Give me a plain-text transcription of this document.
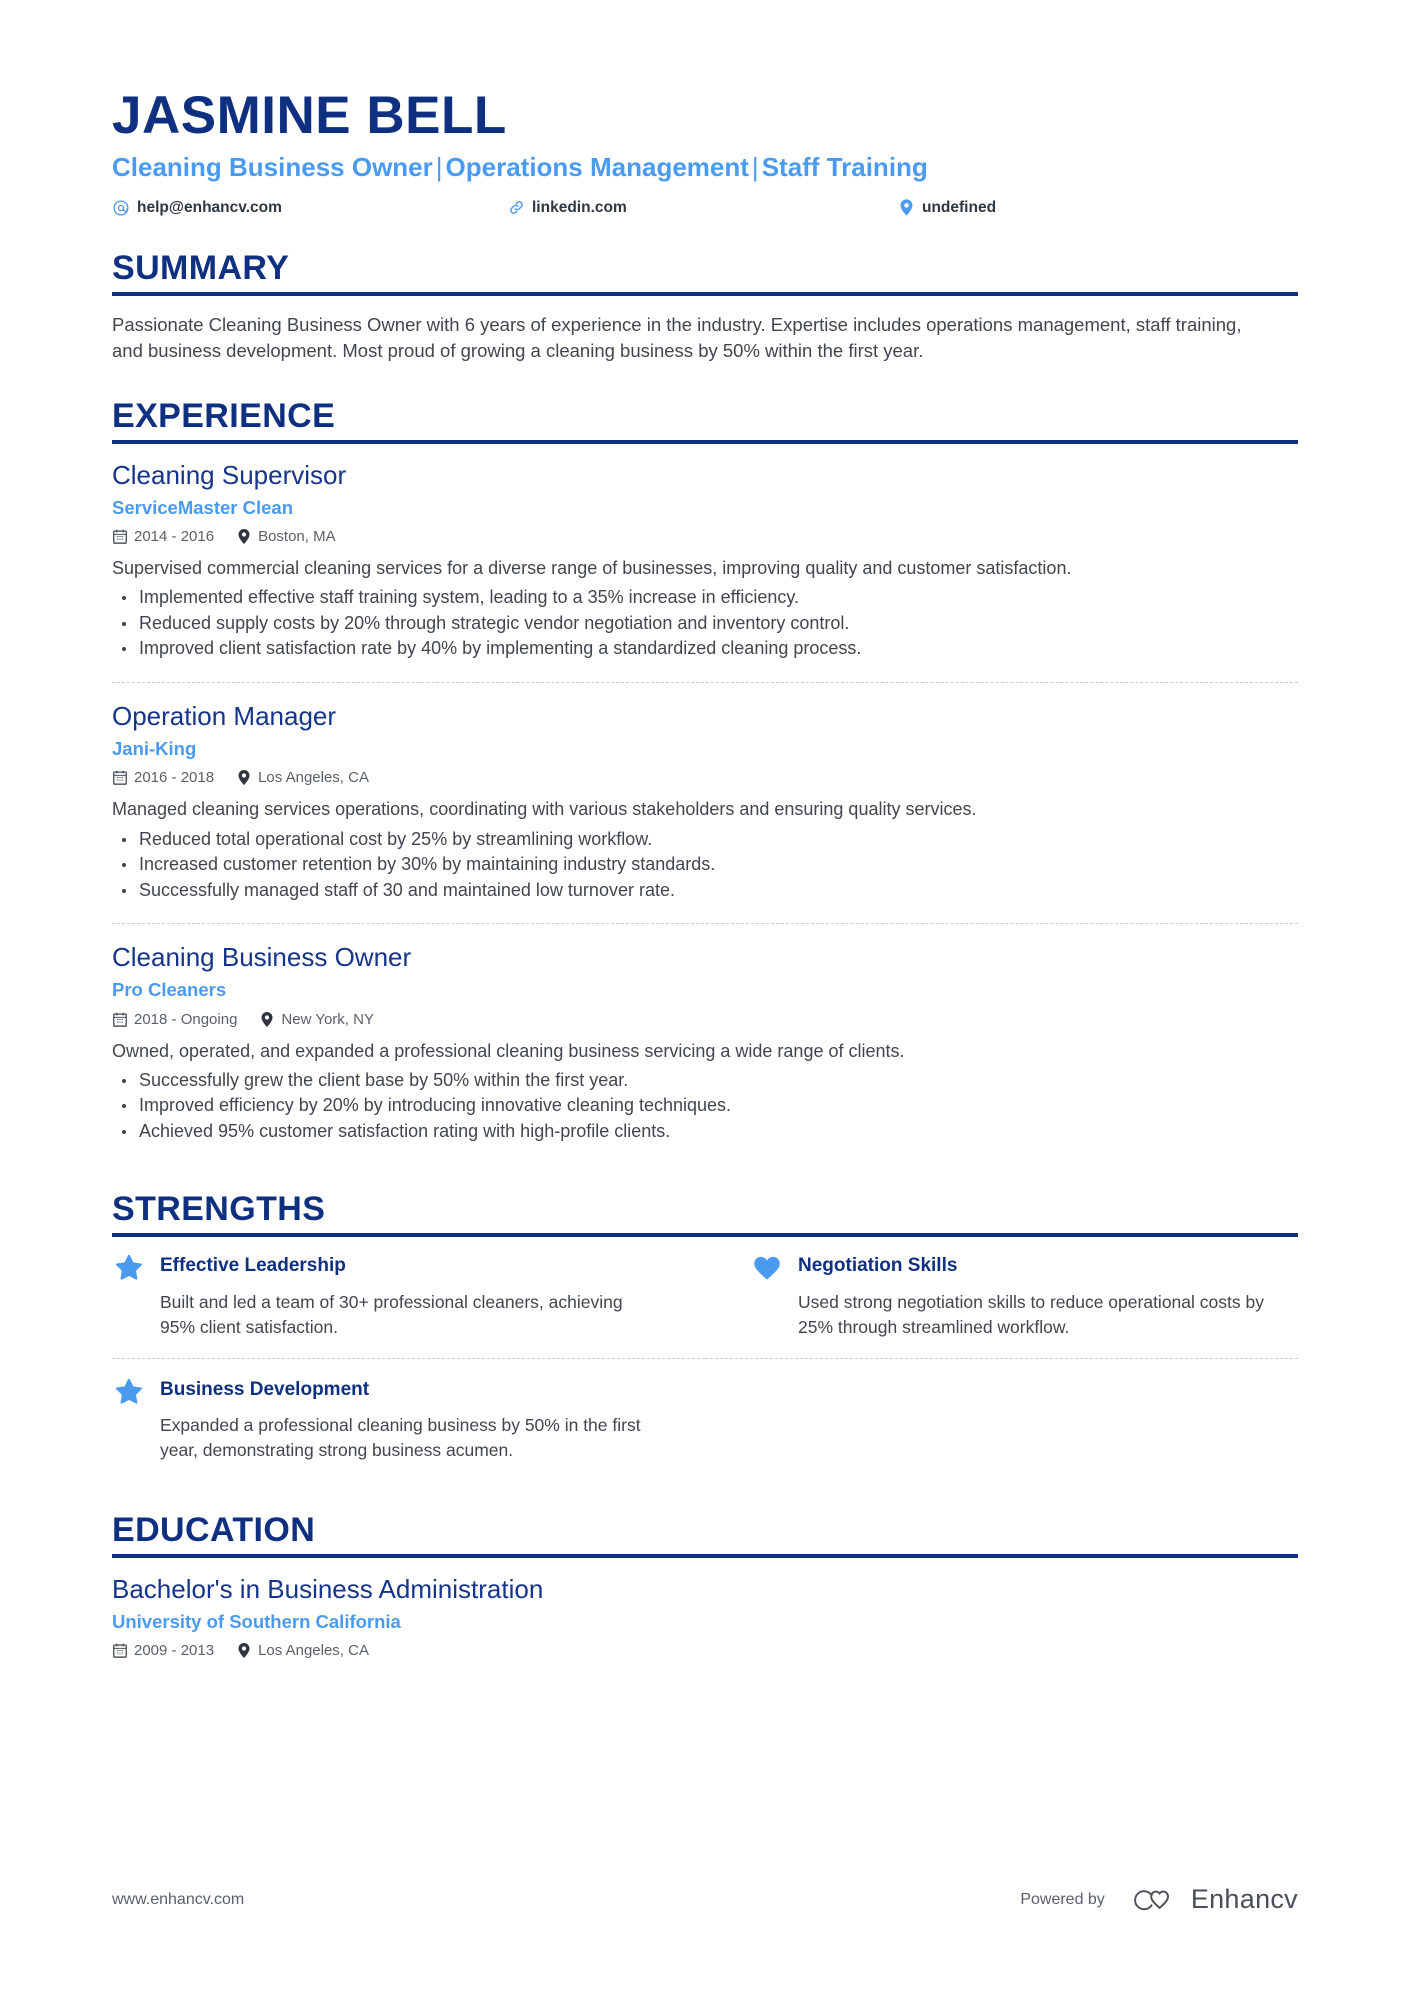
JASMINE BELL
Cleaning Business Owner | Operations Management | Staff Training
help@enhancv.com	linkedin.com	undefined
SUMMARY

Passionate Cleaning Business Owner with 6 years of experience in the industry. Expertise includes operations management, staff training, and business development. Most proud of growing a cleaning business by 50% within the first year.

EXPERIENCE
Cleaning Supervisor
ServiceMaster Clean
2014 - 2016	Boston, MA

Supervised commercial cleaning services for a diverse range of businesses, improving quality and customer satisfaction.

Implemented effective staff training system, leading to a 35% increase in efficiency.
Reduced supply costs by 20% through strategic vendor negotiation and inventory control.
Improved client satisfaction rate by 40% by implementing a standardized cleaning process.
Operation Manager
Jani-King
2016 - 2018	Los Angeles, CA

Managed cleaning services operations, coordinating with various stakeholders and ensuring quality services.

Reduced total operational cost by 25% by streamlining workflow.
Increased customer retention by 30% by maintaining industry standards.
Successfully managed staff of 30 and maintained low turnover rate.
Cleaning Business Owner
Pro Cleaners
2018 - Ongoing	New York, NY

Owned, operated, and expanded a professional cleaning business servicing a wide range of clients.

Successfully grew the client base by 50% within the first year.
Improved efficiency by 20% by introducing innovative cleaning techniques.
Achieved 95% customer satisfaction rating with high-profile clients.
STRENGTHS
Effective Leadership

Built and led a team of 30+ professional cleaners, achieving 95% client satisfaction.

Negotiation Skills

Used strong negotiation skills to reduce operational costs by 25% through streamlined workflow.

Business Development

Expanded a professional cleaning business by 50% in the first year, demonstrating strong business acumen.

EDUCATION
Bachelor's in Business Administration
University of Southern California
2009 - 2013	Los Angeles, CA
www.enhancv.com	Powered by	Enhancv
